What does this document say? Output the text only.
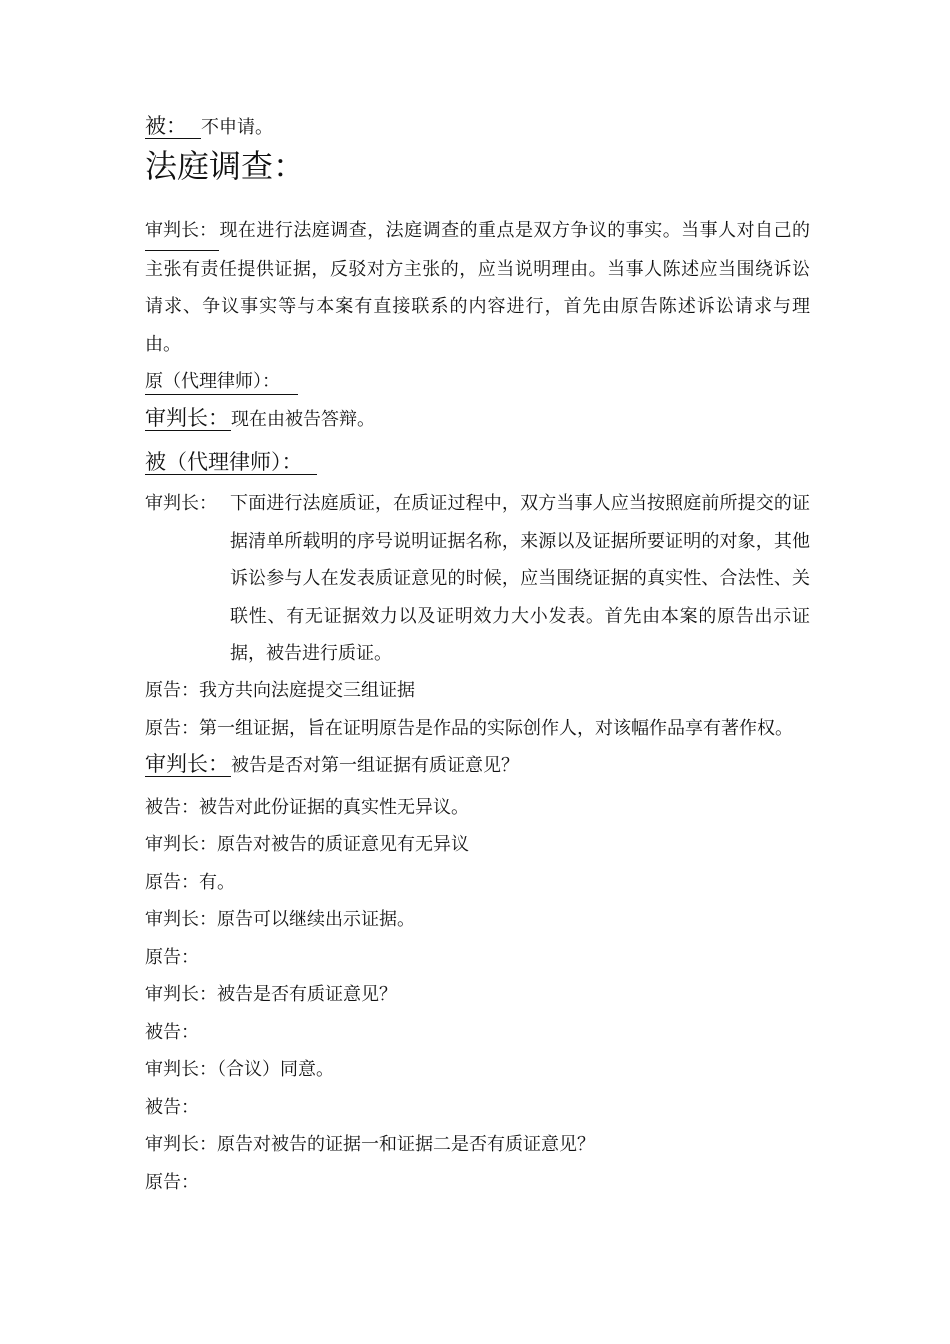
被： 不申请。
法庭调查：
审判长： 现在进行法庭调查，法庭调查的重点是双方争议的事实。当事人对自己的主张有责任提供证据，反驳对方主张的，应当说明理由。当事人陈述应当围绕诉讼请求、争议事实等与本案有直接联系的内容进行，首先由原告陈述诉讼请求与理由。
原（代理律师）：
审判长： 现在由被告答辩。
被（代理律师）：
审判长： 下面进行法庭质证，在质证过程中，双方当事人应当按照庭前所提交的证据清单所载明的序号说明证据名称，来源以及证据所要证明的对象，其他诉讼参与人在发表质证意见的时候，应当围绕证据的真实性、合法性、关联性、有无证据效力以及证明效力大小发表。首先由本案的原告出示证据，被告进行质证。
原告：我方共向法庭提交三组证据
原告：第一组证据，旨在证明原告是作品的实际创作人，对该幅作品享有著作权。
审判长： 被告是否对第一组证据有质证意见？
被告：被告对此份证据的真实性无异议。
审判长：原告对被告的质证意见有无异议
原告：有。
审判长：原告可以继续出示证据。
原告：
审判长：被告是否有质证意见？
被告：
审判长：（合议）同意。
被告：
审判长：原告对被告的证据一和证据二是否有质证意见？
原告：
